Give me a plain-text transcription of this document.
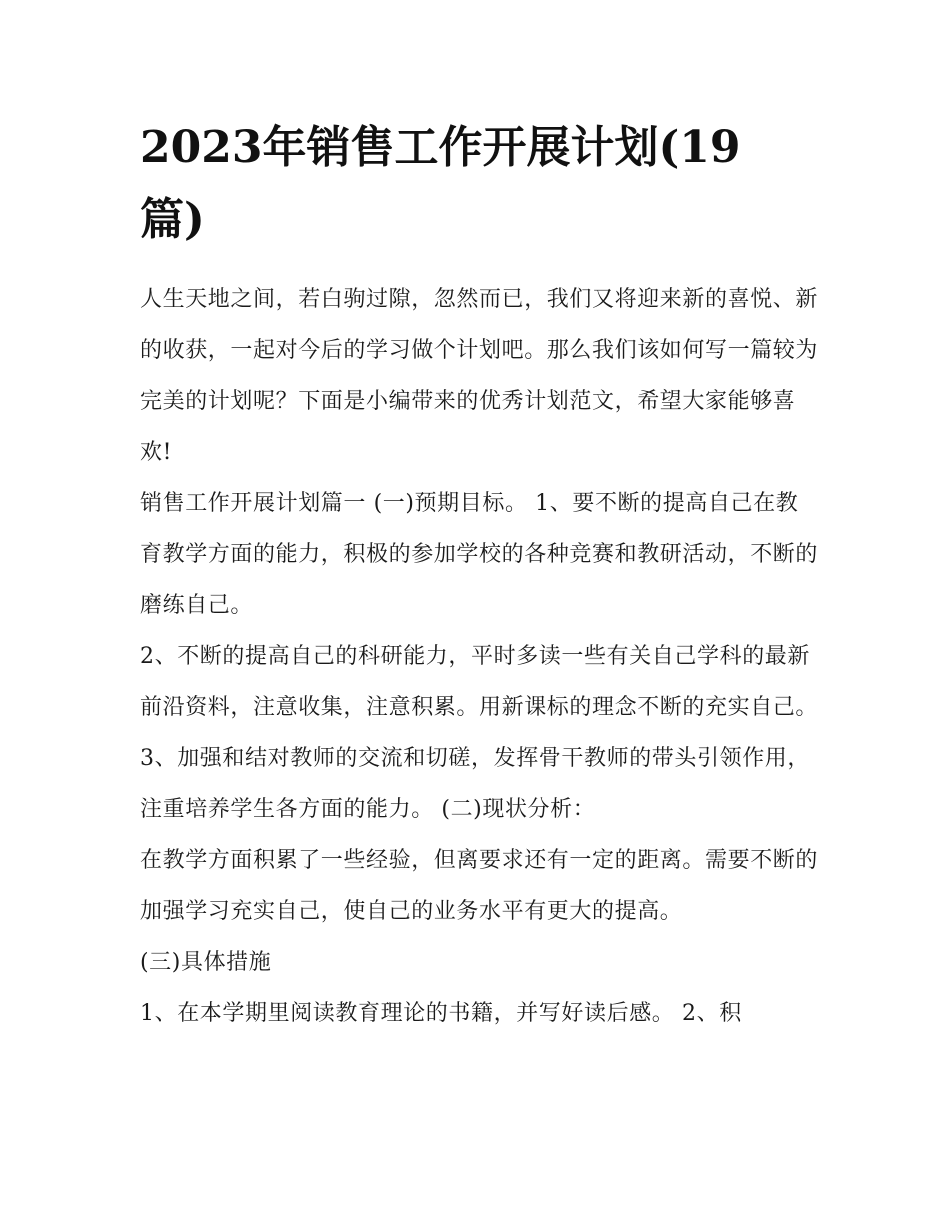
2023年销售工作开展计划(19篇)

人生天地之间，若白驹过隙，忽然而已，我们又将迎来新的喜悦、新的收获，一起对今后的学习做个计划吧。那么我们该如何写一篇较为完美的计划呢？下面是小编带来的优秀计划范文，希望大家能够喜欢!

销售工作开展计划篇一 (一)预期目标。 1、要不断的提高自己在教育教学方面的能力，积极的参加学校的各种竞赛和教研活动，不断的磨练自己。

2、不断的提高自己的科研能力，平时多读一些有关自己学科的最新前沿资料，注意收集，注意积累。用新课标的理念不断的充实自己。

3、加强和结对教师的交流和切磋，发挥骨干教师的带头引领作用，注重培养学生各方面的能力。 (二)现状分析：

在教学方面积累了一些经验，但离要求还有一定的距离。需要不断的加强学习充实自己，使自己的业务水平有更大的提高。

(三)具体措施

1、在本学期里阅读教育理论的书籍，并写好读后感。 2、积
